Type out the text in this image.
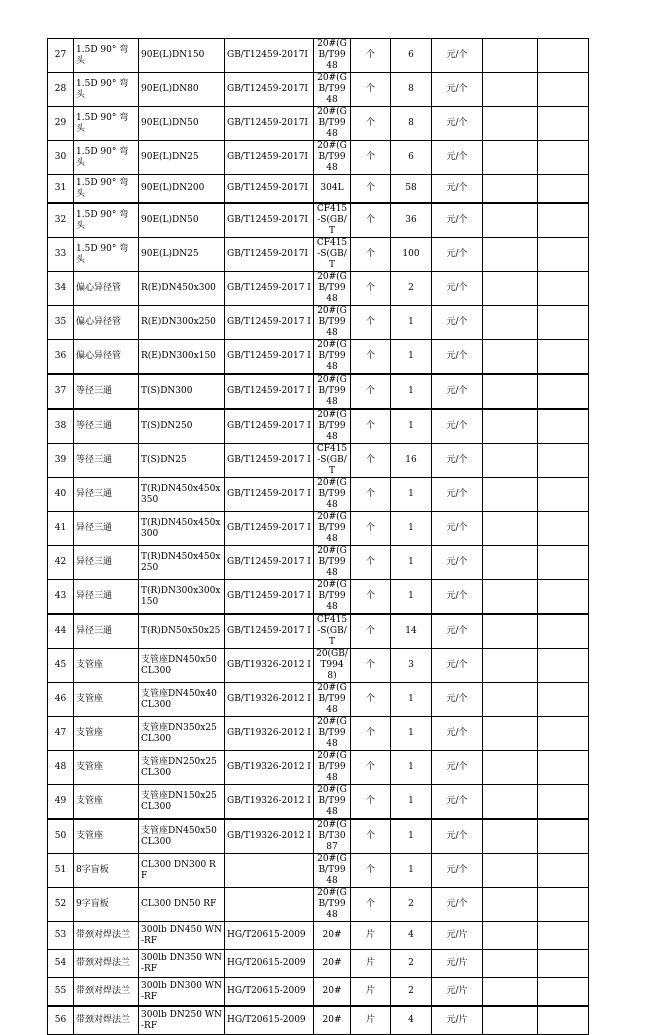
27	1.5D 90° 弯头	90E(L)DN150	GB/T12459-2017Ⅰ	20#(GB/T9948	个	6	元/个		
28	1.5D 90° 弯头	90E(L)DN80	GB/T12459-2017Ⅰ	20#(GB/T9948	个	8	元/个		
29	1.5D 90° 弯头	90E(L)DN50	GB/T12459-2017Ⅰ	20#(GB/T9948	个	8	元/个		
30	1.5D 90° 弯头	90E(L)DN25	GB/T12459-2017Ⅰ	20#(GB/T9948	个	6	元/个		
31	1.5D 90° 弯头	90E(L)DN200	GB/T12459-2017Ⅰ	304L	个	58	元/个		
32	1.5D 90° 弯头	90E(L)DN50	GB/T12459-2017Ⅰ	CF415-S(GB/T	个	36	元/个		
33	1.5D 90° 弯头	90E(L)DN25	GB/T12459-2017Ⅰ	CF415-S(GB/T	个	100	元/个		
34	偏心异径管	R(E)DN450x300	GB/T12459-2017 I	20#(GB/T9948	个	2	元/个		
35	偏心异径管	R(E)DN300x250	GB/T12459-2017 I	20#(GB/T9948	个	1	元/个		
36	偏心异径管	R(E)DN300x150	GB/T12459-2017 I	20#(GB/T9948	个	1	元/个		
37	等径三通	T(S)DN300	GB/T12459-2017 I	20#(GB/T9948	个	1	元/个		
38	等径三通	T(S)DN250	GB/T12459-2017 I	20#(GB/T9948	个	1	元/个		
39	等径三通	T(S)DN25	GB/T12459-2017 I	CF415-S(GB/T	个	16	元/个		
40	异径三通	T(R)DN450x450x350	GB/T12459-2017 I	20#(GB/T9948	个	1	元/个		
41	异径三通	T(R)DN450x450x300	GB/T12459-2017 I	20#(GB/T9948	个	1	元/个		
42	异径三通	T(R)DN450x450x250	GB/T12459-2017 I	20#(GB/T9948	个	1	元/个		
43	异径三通	T(R)DN300x300x150	GB/T12459-2017 I	20#(GB/T9948	个	1	元/个		
44	异径三通	T(R)DN50x50x25	GB/T12459-2017 I	CF415-S(GB/T	个	14	元/个		
45	支管座	支管座DN450x50 CL300	GB/T19326-2012 I	20(GB/T9948)	个	3	元/个		
46	支管座	支管座DN450x40 CL300	GB/T19326-2012 I	20#(GB/T9948	个	1	元/个		
47	支管座	支管座DN350x25 CL300	GB/T19326-2012 I	20#(GB/T9948	个	1	元/个		
48	支管座	支管座DN250x25 CL300	GB/T19326-2012 I	20#(GB/T9948	个	1	元/个		
49	支管座	支管座DN150x25 CL300	GB/T19326-2012 I	20#(GB/T9948	个	1	元/个		
50	支管座	支管座DN450x50 CL300	GB/T19326-2012 I	20#(GB/T3087	个	1	元/个		
51	8字盲板	CL300 DN300 RF		20#(GB/T9948	个	1	元/个		
52	9字盲板	CL300 DN50 RF		20#(GB/T9948	个	2	元/个		
53	带颈对焊法兰	300lb DN450 WN-RF	HG/T20615-2009	20#	片	4	元/片		
54	带颈对焊法兰	300lb DN350 WN-RF	HG/T20615-2009	20#	片	2	元/片		
55	带颈对焊法兰	300lb DN300 WN-RF	HG/T20615-2009	20#	片	2	元/片		
56	带颈对焊法兰	300lb DN250 WN-RF	HG/T20615-2009	20#	片	4	元/片		
